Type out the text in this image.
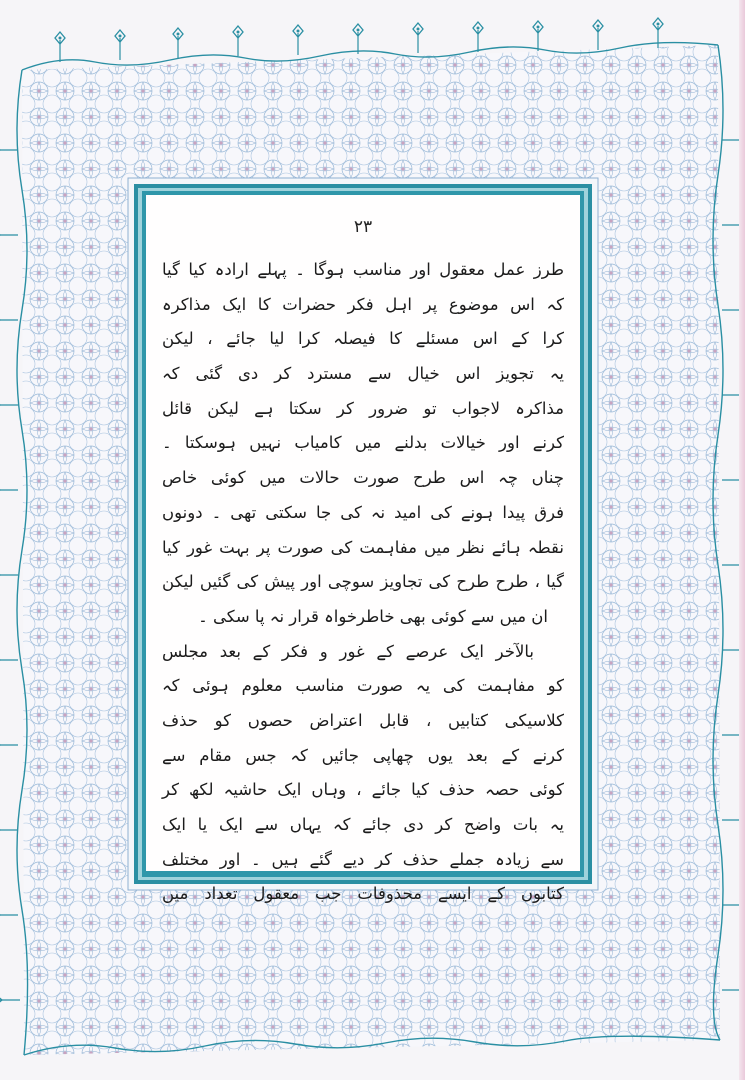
۲۳
طرز عمل معقول اور مناسب ہوگا ۔ پہلے ارادہ کیا گیا
کہ اس موضوع پر اہل فکر حضرات کا ایک مذاکرہ
کرا کے اس مسئلے کا فیصلہ کرا لیا جائے ، لیکن
یہ تجویز اس خیال سے مسترد کر دی گئی کہ
مذاکرہ لاجواب تو ضرور کر سکتا ہے لیکن قائل
کرنے اور خیالات بدلنے میں کامیاب نہیں ہوسکتا ۔
چناں چہ اس طرح صورت حالات میں کوئی خاص
فرق پیدا ہونے کی امید نہ کی جا سکتی تھی ۔ دونوں
نقطہ ہائے نظر میں مفاہمت کی صورت پر بہت غور کیا
گیا ، طرح طرح کی تجاویز سوچی اور پیش کی گئیں لیکن
ان میں سے کوئی بھی خاطرخواہ قرار نہ پا سکی ۔
بالآخر ایک عرصے کے غور و فکر کے بعد مجلس
کو مفاہمت کی یہ صورت مناسب معلوم ہوئی کہ
کلاسیکی کتابیں ، قابل اعتراض حصوں کو حذف
کرنے کے بعد یوں چھاپی جائیں کہ جس مقام سے
کوئی حصہ حذف کیا جائے ، وہاں ایک حاشیہ لکھ کر
یہ بات واضح کر دی جائے کہ یہاں سے ایک یا ایک
سے زیادہ جملے حذف کر دیے گئے ہیں ۔ اور مختلف
کتابوں کے ایسے محذوفات جب معقول تعداد میں
